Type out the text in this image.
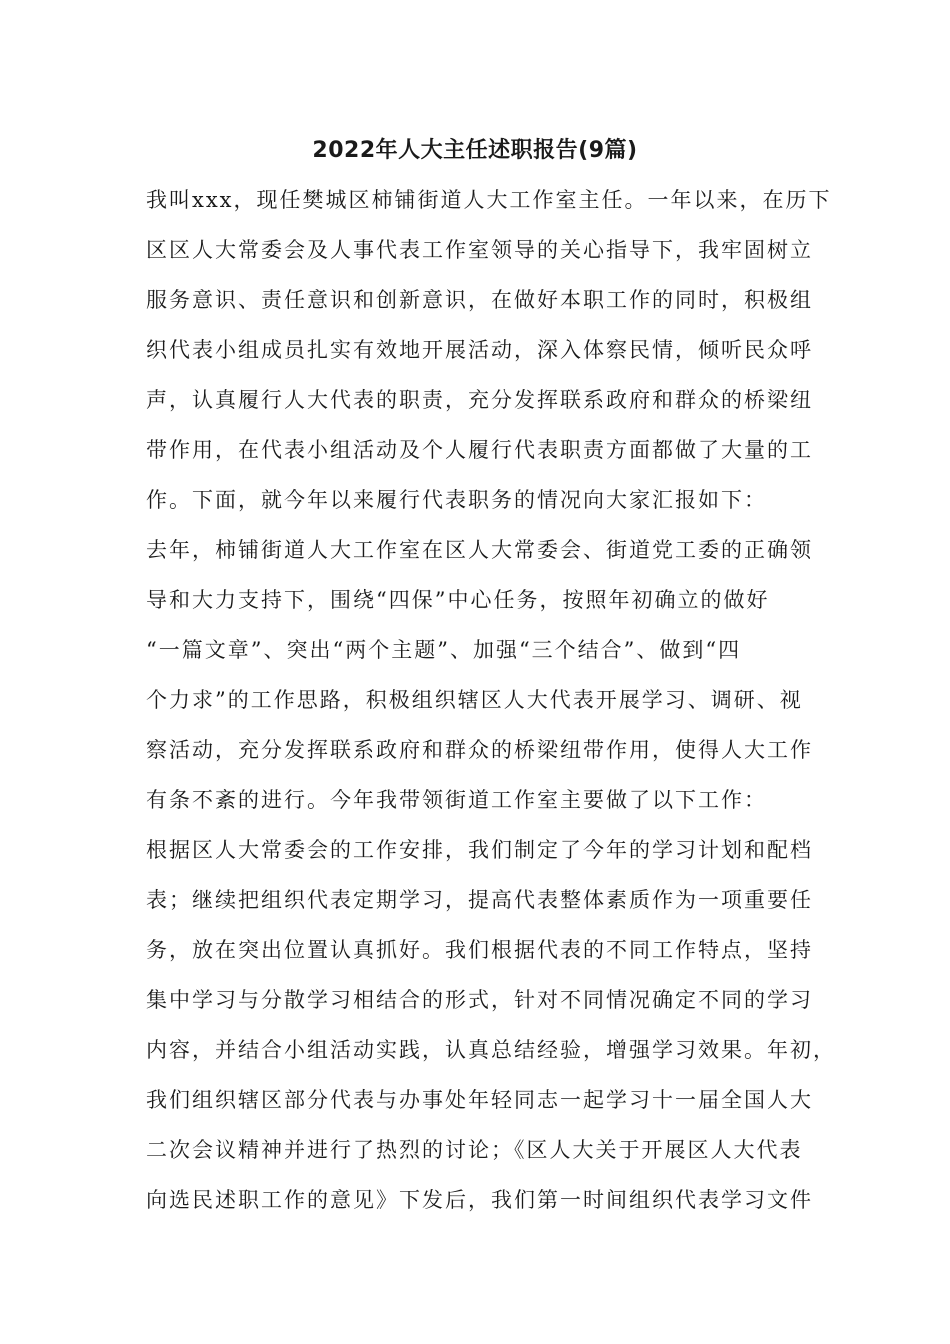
2022年人大主任述职报告(9篇)
我叫xxx，现任樊城区柿铺街道人大工作室主任。一年以来，在历下
区区人大常委会及人事代表工作室领导的关心指导下，我牢固树立
服务意识、责任意识和创新意识，在做好本职工作的同时，积极组
织代表小组成员扎实有效地开展活动，深入体察民情，倾听民众呼
声，认真履行人大代表的职责，充分发挥联系政府和群众的桥梁纽
带作用，在代表小组活动及个人履行代表职责方面都做了大量的工
作。下面，就今年以来履行代表职务的情况向大家汇报如下：
去年，柿铺街道人大工作室在区人大常委会、街道党工委的正确领
导和大力支持下，围绕“四保”中心任务，按照年初确立的做好
“一篇文章”、突出“两个主题”、加强“三个结合”、做到“四
个力求”的工作思路，积极组织辖区人大代表开展学习、调研、视
察活动，充分发挥联系政府和群众的桥梁纽带作用，使得人大工作
有条不紊的进行。今年我带领街道工作室主要做了以下工作：
根据区人大常委会的工作安排，我们制定了今年的学习计划和配档
表；继续把组织代表定期学习，提高代表整体素质作为一项重要任
务，放在突出位置认真抓好。我们根据代表的不同工作特点，坚持
集中学习与分散学习相结合的形式，针对不同情况确定不同的学习
内容，并结合小组活动实践，认真总结经验，增强学习效果。年初，
我们组织辖区部分代表与办事处年轻同志一起学习十一届全国人大
二次会议精神并进行了热烈的讨论；《区人大关于开展区人大代表
向选民述职工作的意见》下发后，我们第一时间组织代表学习文件
